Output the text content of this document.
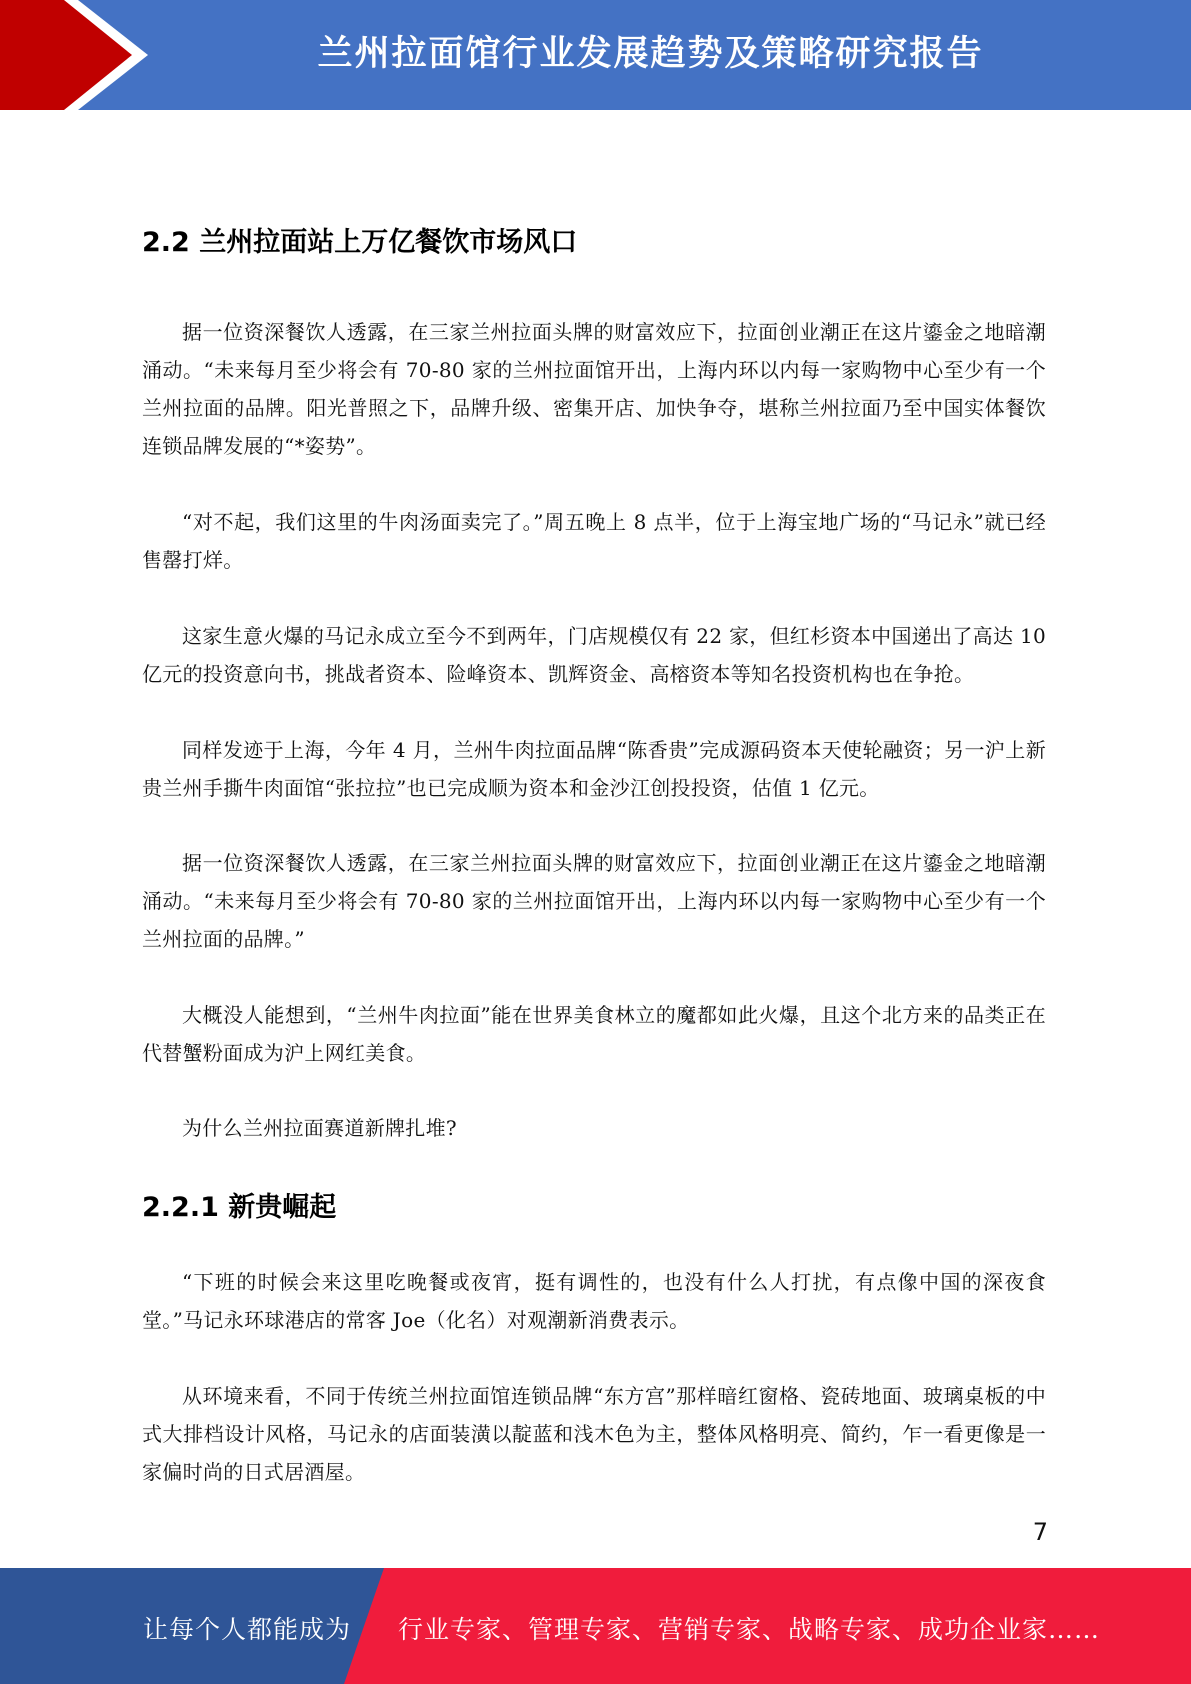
兰州拉面馆行业发展趋势及策略研究报告
2.2 兰州拉面站上万亿餐饮市场风口

据一位资深餐饮人透露，在三家兰州拉面头牌的财富效应下，拉面创业潮正在这片鎏金之地暗潮涌动。“未来每月至少将会有 70-80 家的兰州拉面馆开出，上海内环以内每一家购物中心至少有一个兰州拉面的品牌。阳光普照之下，品牌升级、密集开店、加快争夺，堪称兰州拉面乃至中国实体餐饮连锁品牌发展的“*姿势”。

“对不起，我们这里的牛肉汤面卖完了。”周五晚上 8 点半，位于上海宝地广场的“马记永”就已经售罄打烊。

这家生意火爆的马记永成立至今不到两年，门店规模仅有 22 家，但红杉资本中国递出了高达 10 亿元的投资意向书，挑战者资本、险峰资本、凯辉资金、高榕资本等知名投资机构也在争抢。

同样发迹于上海，今年 4 月，兰州牛肉拉面品牌“陈香贵”完成源码资本天使轮融资；另一沪上新贵兰州手撕牛肉面馆“张拉拉”也已完成顺为资本和金沙江创投投资，估值 1 亿元。

据一位资深餐饮人透露，在三家兰州拉面头牌的财富效应下，拉面创业潮正在这片鎏金之地暗潮涌动。“未来每月至少将会有 70-80 家的兰州拉面馆开出，上海内环以内每一家购物中心至少有一个兰州拉面的品牌。”

大概没人能想到，“兰州牛肉拉面”能在世界美食林立的魔都如此火爆，且这个北方来的品类正在代替蟹粉面成为沪上网红美食。

为什么兰州拉面赛道新牌扎堆?

2.2.1 新贵崛起

“下班的时候会来这里吃晚餐或夜宵，挺有调性的，也没有什么人打扰，有点像中国的深夜食堂。”马记永环球港店的常客 Joe（化名）对观潮新消费表示。

从环境来看，不同于传统兰州拉面馆连锁品牌“东方宫”那样暗红窗格、瓷砖地面、玻璃桌板的中式大排档设计风格，马记永的店面装潢以靛蓝和浅木色为主，整体风格明亮、简约，乍一看更像是一家偏时尚的日式居酒屋。

7
让每个人都能成为 行业专家、管理专家、营销专家、战略专家、成功企业家……
